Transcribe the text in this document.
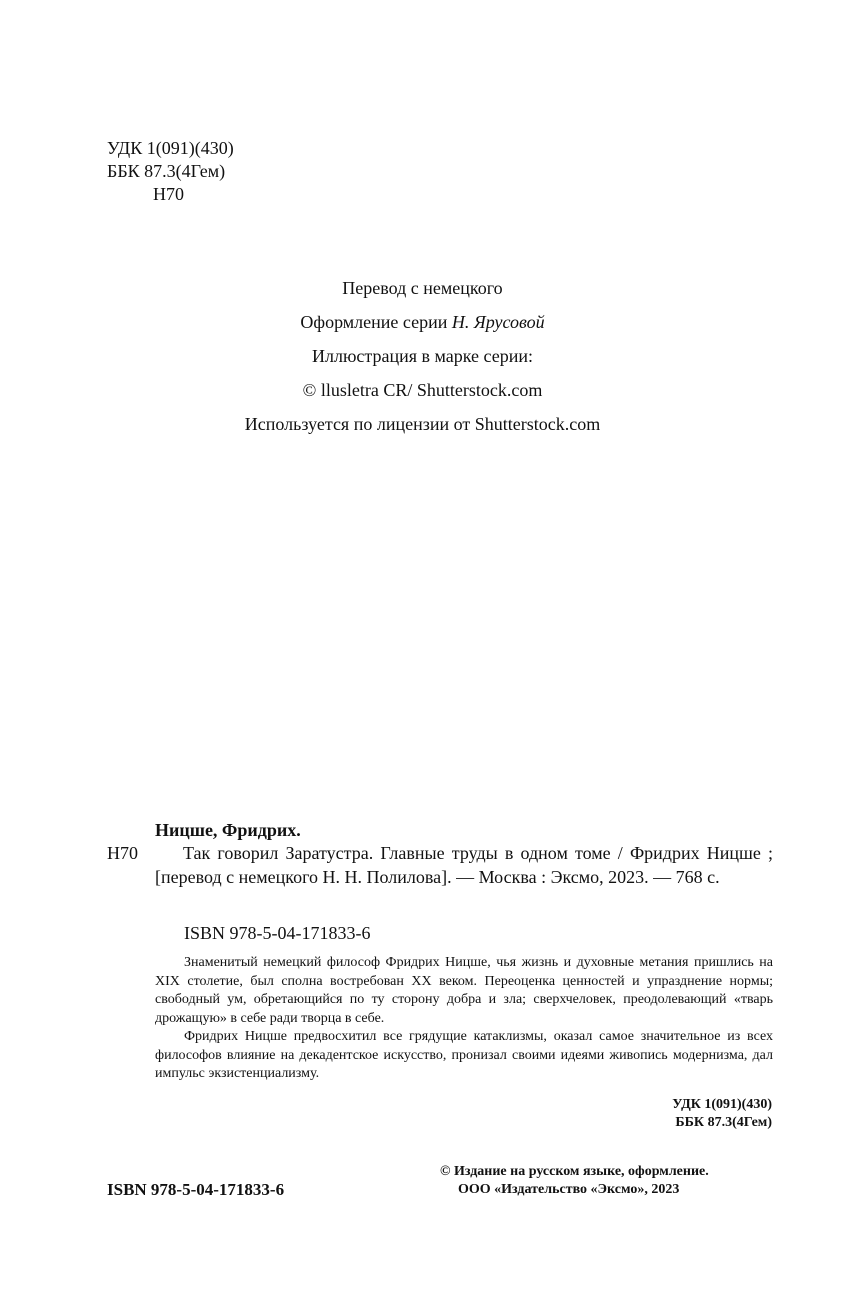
УДК 1(091)(430)
ББК 87.3(4Гем)
Н70
Перевод с немецкого
Оформление серии Н. Ярусовой
Иллюстрация в марке серии:
© llusletra CR/ Shutterstock.com
Используется по лицензии от Shutterstock.com
Ницше, Фридрих.
Н70	Так говорил Заратустра. Главные труды в одном томе / Фридрих Ницше ; [перевод с немецкого Н. Н. Полилова]. — Москва : Эксмо, 2023. — 768 с.
ISBN 978-5-04-171833-6

Знаменитый немецкий философ Фридрих Ницше, чья жизнь и духовные метания пришлись на XIX столетие, был сполна востребован XX веком. Переоценка ценностей и упразднение нормы; свободный ум, обретающийся по ту сторону добра и зла; сверхчеловек, преодолевающий «тварь дрожащую» в себе ради творца в себе.

Фридрих Ницше предвосхитил все грядущие катаклизмы, оказал самое значительное из всех философов влияние на декадентское искусство, пронизал своими идеями живопись модернизма, дал импульс экзистенциализму.

УДК 1(091)(430)
ББК 87.3(4Гем)
ISBN 978-5-04-171833-6
© Издание на русском языке, оформление.
ООО «Издательство «Эксмо», 2023
